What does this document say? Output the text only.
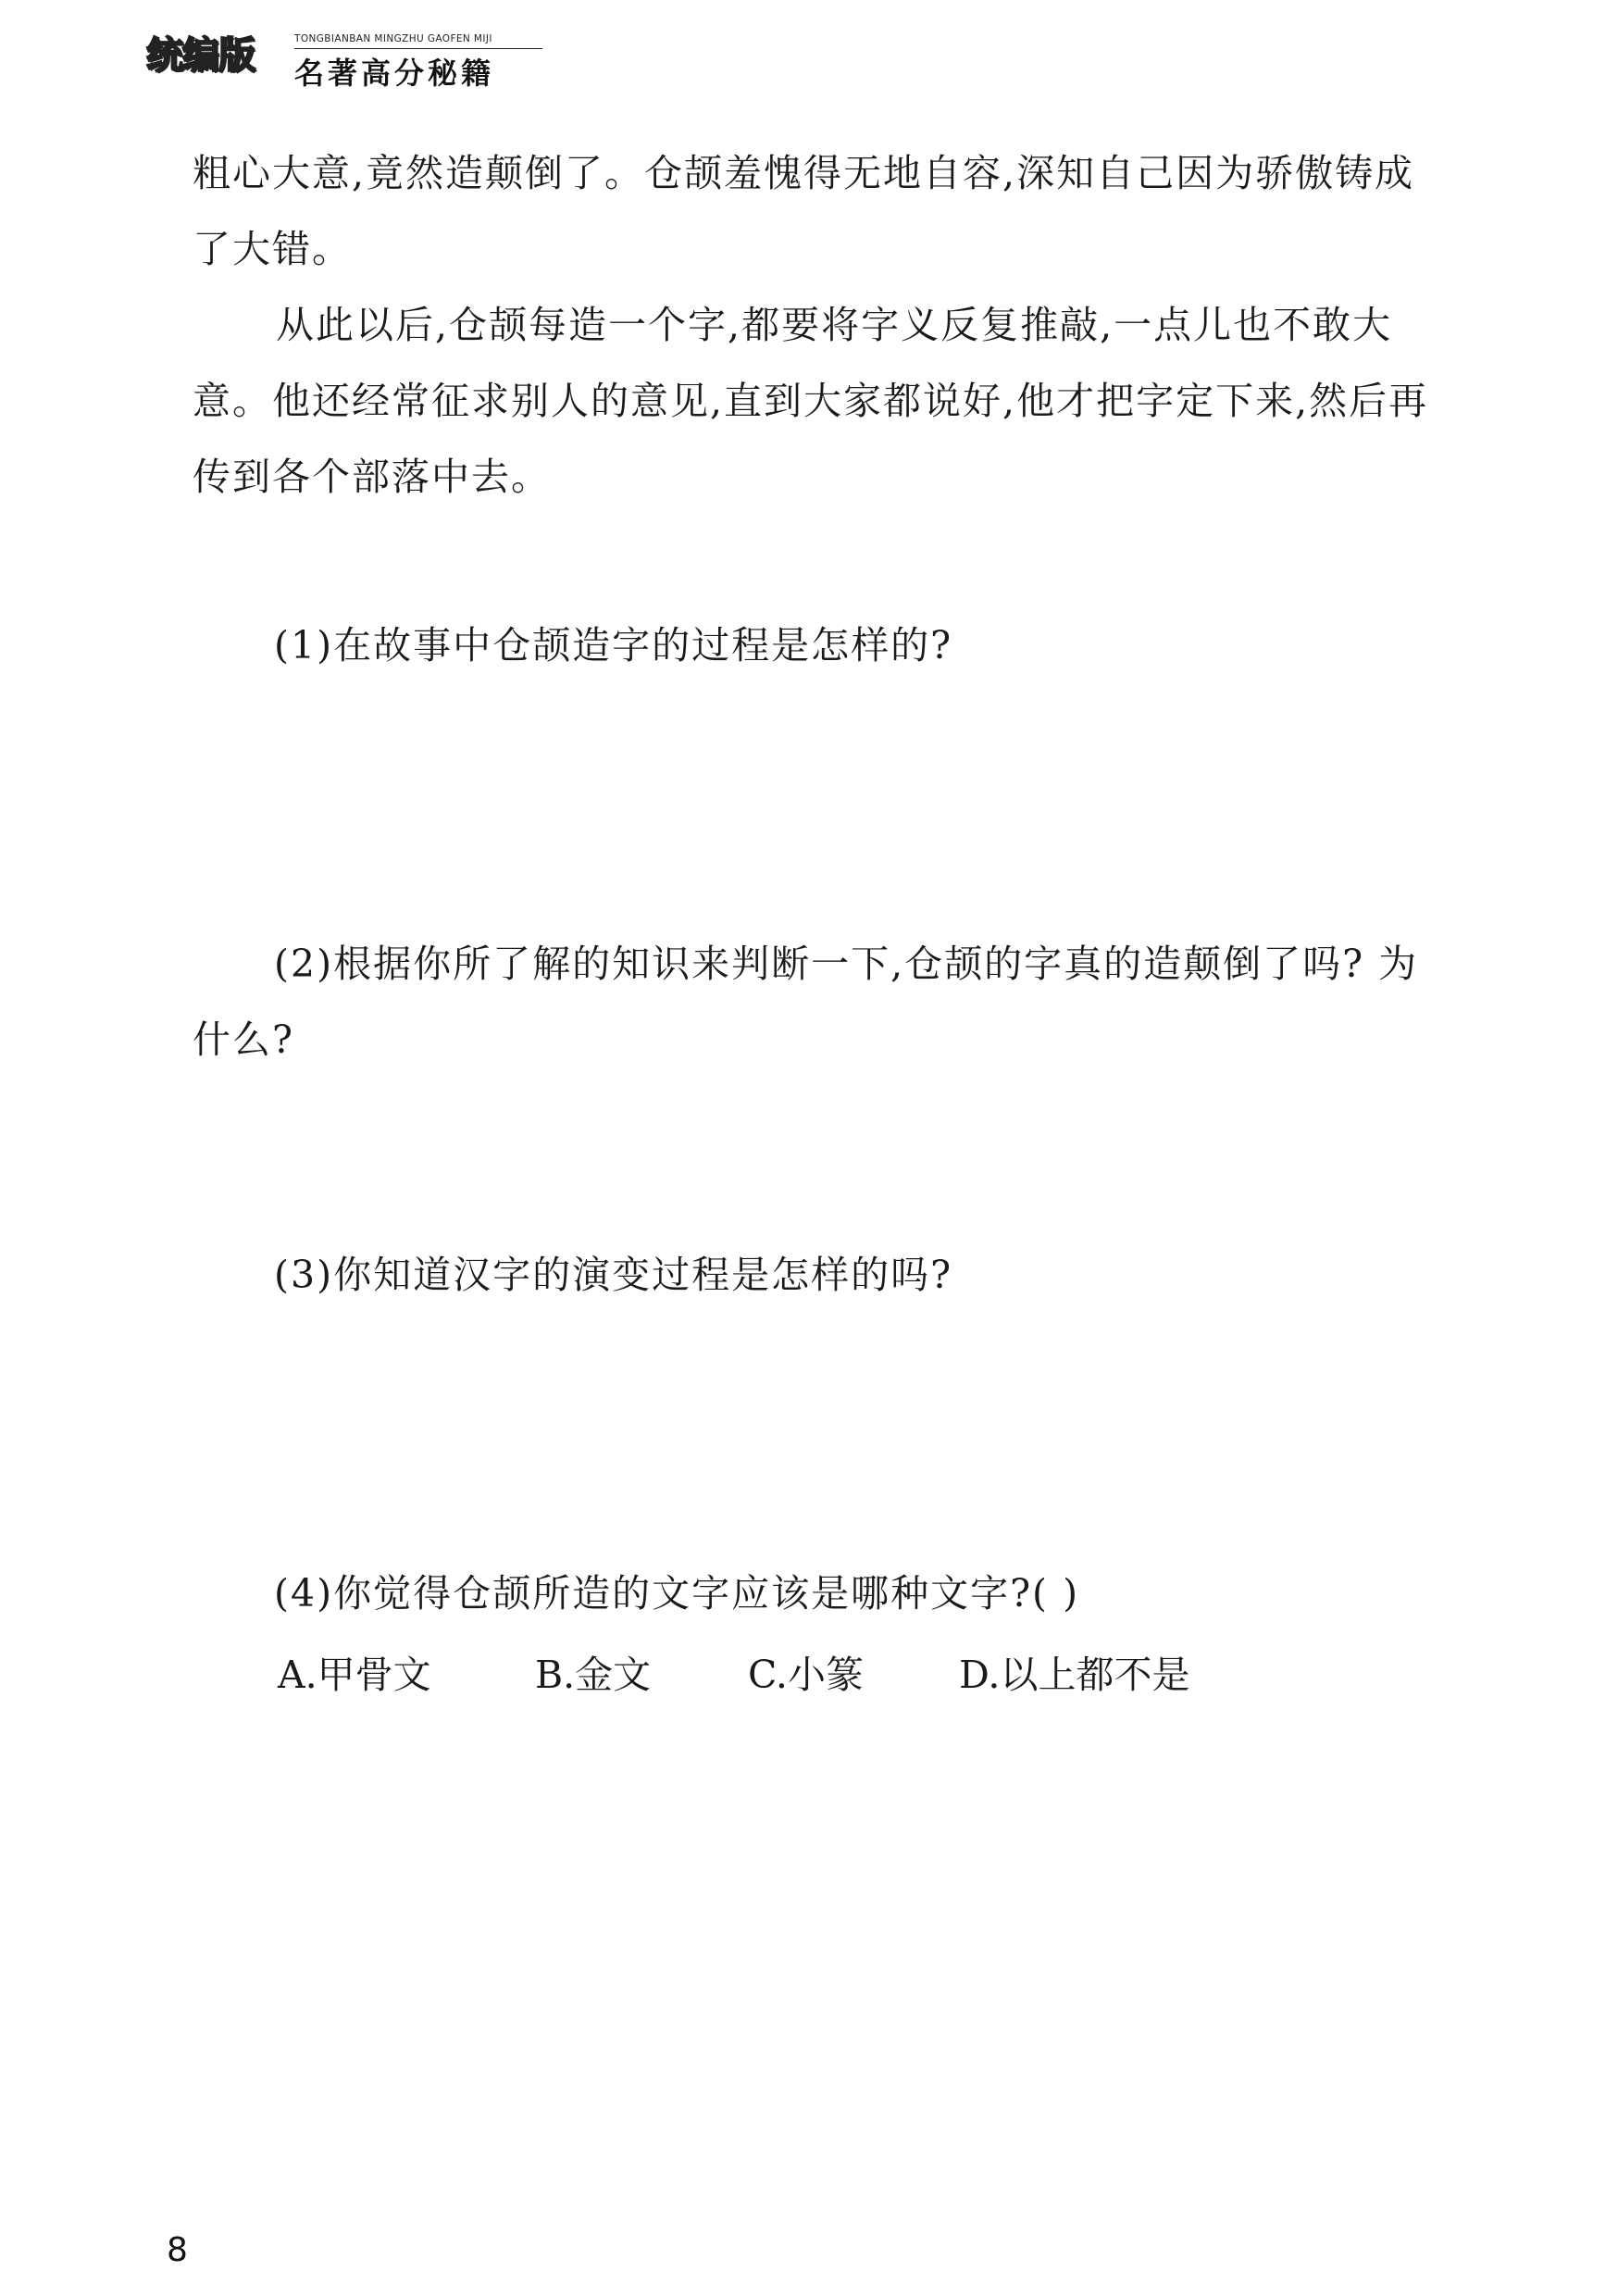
统编版	TONGBIANBAN MINGZHU GAOFEN MIJI
名著高分秘籍

粗心大意,竟然造颠倒了。仓颉羞愧得无地自容,深知自己因为骄傲铸成了大错。

从此以后,仓颉每造一个字,都要将字义反复推敲,一点儿也不敢大意。他还经常征求别人的意见,直到大家都说好,他才把字定下来,然后再传到各个部落中去。

(1)在故事中仓颉造字的过程是怎样的?

(2)根据你所了解的知识来判断一下,仓颉的字真的造颠倒了吗? 为什么?

(3)你知道汉字的演变过程是怎样的吗?
(4)你觉得仓颉所造的文字应该是哪种文字?( )
A.甲骨文	B.金文	C.小篆	D.以上都不是
8
